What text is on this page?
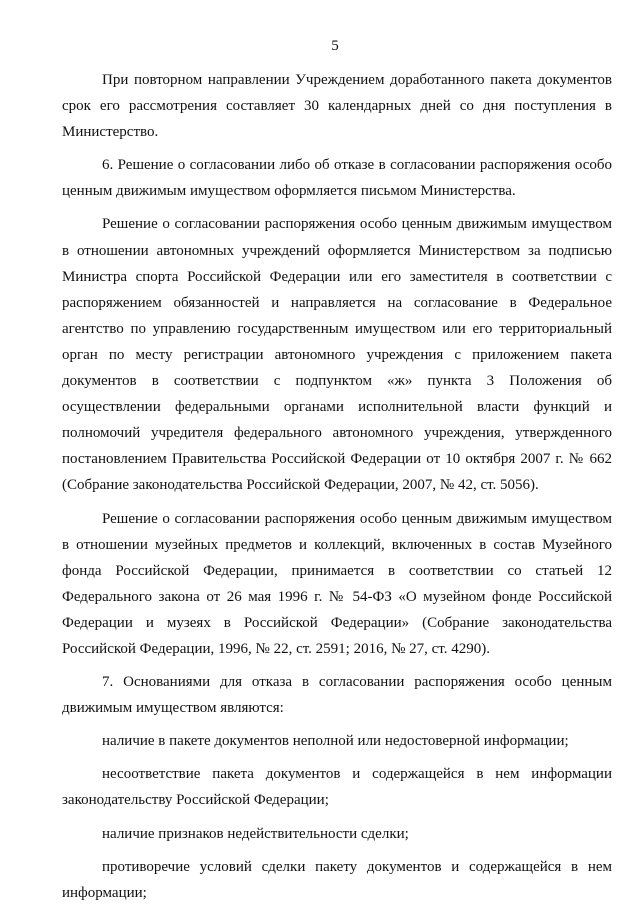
5

При повторном направлении Учреждением доработанного пакета документов срок его рассмотрения составляет 30 календарных дней со дня поступления в Министерство.

6. Решение о согласовании либо об отказе в согласовании распоряжения особо ценным движимым имуществом оформляется письмом Министерства.

Решение о согласовании распоряжения особо ценным движимым имуществом в отношении автономных учреждений оформляется Министерством за подписью Министра спорта Российской Федерации или его заместителя в соответствии с распоряжением обязанностей и направляется на согласование в Федеральное агентство по управлению государственным имуществом или его территориальный орган по месту регистрации автономного учреждения с приложением пакета документов в соответствии с подпунктом «ж» пункта 3 Положения об осуществлении федеральными органами исполнительной власти функций и полномочий учредителя федерального автономного учреждения, утвержденного постановлением Правительства Российской Федерации от 10 октября 2007 г. № 662 (Собрание законодательства Российской Федерации, 2007, № 42, ст. 5056).

Решение о согласовании распоряжения особо ценным движимым имуществом в отношении музейных предметов и коллекций, включенных в состав Музейного фонда Российской Федерации, принимается в соответствии со статьей 12 Федерального закона от 26 мая 1996 г. № 54-ФЗ «О музейном фонде Российской Федерации и музеях в Российской Федерации» (Собрание законодательства Российской Федерации, 1996, № 22, ст. 2591; 2016, № 27, ст. 4290).

7. Основаниями для отказа в согласовании распоряжения особо ценным движимым имуществом являются:

наличие в пакете документов неполной или недостоверной информации;

несоответствие пакета документов и содержащейся в нем информации законодательству Российской Федерации;

наличие признаков недействительности сделки;

противоречие условий сделки пакету документов и содержащейся в нем информации;
